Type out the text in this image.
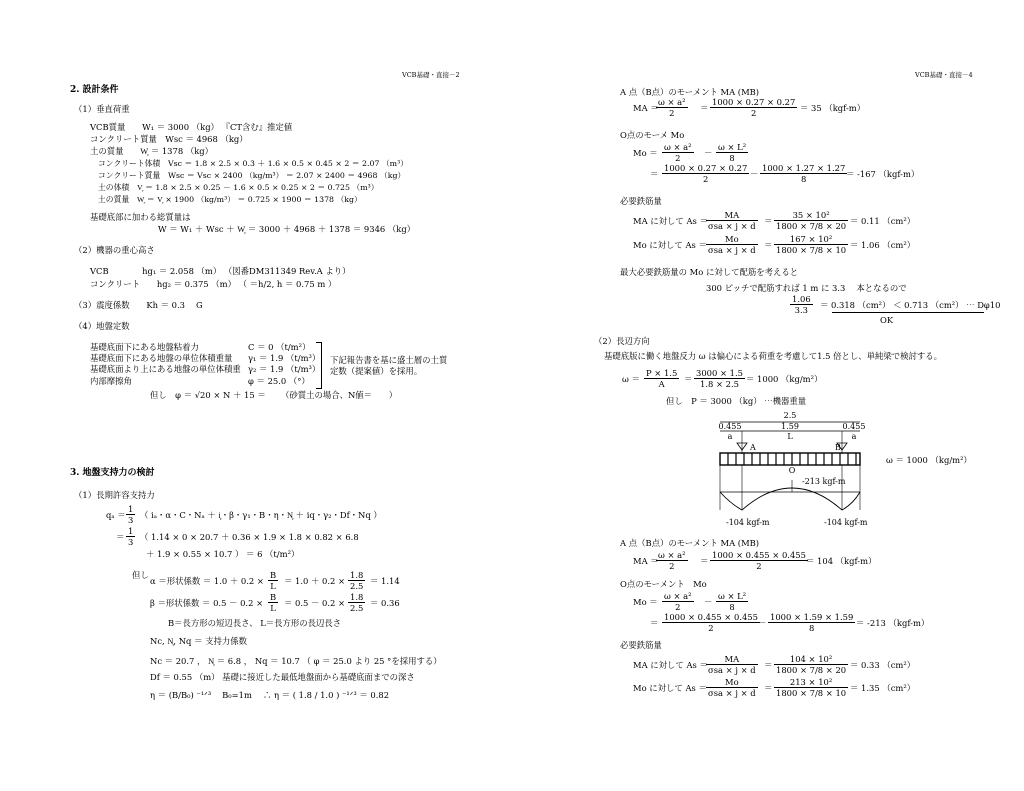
VCB基礎・直接－2
2. 設計条件
（1）垂直荷重
VCB質量　　W₁ ＝ 3000 （kg） 『CT含む』推定値
コンクリート質量　Wsc ＝ 4968 （kg）
土の質量　　W᷊ ＝ 1378 （kg）
コンクリート体積　Vsc ＝ 1.8 × 2.5 × 0.3 ＋ 1.6 × 0.5 × 0.45 × 2 ＝ 2.07 （m³）
コンクリート質量　Wsc ＝ Vsc × 2400 （kg/m³） ＝ 2.07 × 2400 ＝ 4968 （kg）
土の体積　V᷊ ＝ 1.8 × 2.5 × 0.25 － 1.6 × 0.5 × 0.25 × 2 ＝ 0.725 （m³）
土の質量　W᷊ ＝ V᷊ × 1900 （kg/m³） ＝ 0.725 × 1900 ＝ 1378 （kg）
基礎底部に加わる総質量は
W ＝ W₁ ＋ Wsc ＋ W᷊ ＝ 3000 ＋ 4968 ＋ 1378 ＝ 9346 （kg）
（2）機器の重心高さ
VCB　　　　hg₁ ＝ 2.058 （m） （図番DM311349 Rev.A より）
コンクリート　　hg₂ ＝ 0.375 （m） （ ＝h/2, h ＝ 0.75 m ）
（3）震度係数　　Kh ＝ 0.3 　G
（4）地盤定数
基礎底面下にある地盤粘着力	C ＝ 0 （t/m²）
基礎底面下にある地盤の単位体積重量 γ₁ ＝ 1.9 （t/m³）
基礎底面より上にある地盤の単位体積重 γ₂ ＝ 1.9 （t/m³）
内部摩擦角	φ ＝ 25.0 （°）
下記報告書を基に盛土層の土質
定数（提案値）を採用。
但し　φ ＝ √20 × N ＋ 15 ＝ 　　（砂質土の場合、N値＝　　）
3. 地盤支持力の検討
（1）長期許容支持力
$q_a = \frac{1}{3}$ （ iₐ・α・C・Nₐ ＋ i᷊・β・γ₁・B・η・N᷊ ＋ iq・γ₂・Df・Nq ）
＝ $\frac{1}{3}$ （ 1.14 × 0 × 20.7 ＋ 0.36 × 1.9 × 1.8 × 0.82 × 6.8
＋ 1.9 × 0.55 × 10.7 ） ＝ 6 （t/m²）
但し
α ＝形状係数 ＝ $1.0 + 0.2 \times \frac{B}{L} = 1.0 + 0.2 \times \frac{1.8}{2.5} = 1.14$
β ＝形状係数 ＝ $0.5 - 0.2 \times \frac{B}{L} = 0.5 - 0.2 \times \frac{1.8}{2.5} = 0.36$
B＝長方形の短辺長さ、 L＝長方形の長辺長さ
Nc, N᷊, Nq ＝ 支持力係数
Nc ＝ 20.7 ， N᷊ ＝ 6.8 ， Nq ＝ 10.7 （ φ ＝ 25.0 より 25 °を採用する）
Df ＝ 0.55 （m） 基礎に接近した最低地盤面から基礎底面までの深さ
η ＝ (B/B₀) ⁻¹ᐟ³ 　B₀=1m 　∴ η ＝ ( 1.8 / 1.0 ) ⁻¹ᐟ³ ＝ 0.82
VCB基礎・直接－4
A 点（B点）のモーメント MA (MB)
MA ＝
$\frac{\text{ω × a²}}{2} = \frac{1000 \times 0.27 \times 0.27}{2} = 35$ （kgf-m）
O点のモーメ Mo
$Mo = \frac{\text{ω × a²}}{2} - \frac{\text{ω × L²}}{8}$
＝ $\frac{1000 \times 0.27 \times 0.27}{2} - \frac{1000 \times 1.27 \times 1.27}{8}$
＝ -167 （kgf-m）
必要鉄筋量
MA に対して As ＝
MA
$\sigma sa \times j \times d = \frac{\text{35 × 10²}}{1800 \times 7/8 \times 20} = 0.11$ （cm²）
Mo に対して As ＝
Mo
$\sigma sa \times j \times d = \frac{\text{167 × 10²}}{1800 \times 7/8 \times 10} = 1.06$ （cm²）
最大必要鉄筋量の Mo に対して配筋を考えると
300 ピッチで配筋すれば 1 m に 3.3 　本となるので
$\frac{1.06}{3.3} = 0.318$ （cm²） ＜ 0.713 （cm²） ⋯ Dφ10
OK
（2）長辺方向
基礎底版に働く地盤反力 ω は偏心による荷重を考慮して1.5 倍とし、単純梁で検討する。
$\omega = \frac{P \times 1.5}{A} = \frac{3000 \times 1.5}{1.8 \times 2.5} = 1000$ （kg/m²）
但し　P ＝ 3000 （kg） ⋯機器重量
2.5
0.455	1.59	0.455
a	L	a
A	B
O
-213 kgf-m
-104 kgf-m	-104 kgf-m
ω ＝ 1000 （kg/m²）
A 点（B点）のモーメント MA (MB)
MA ＝
$\frac{\text{ω × a²}}{2} = \frac{1000 \times 0.455 \times 0.455}{2}$
＝ 104 （kgf-m）
O点のモーメント　Mo
$Mo = \frac{\text{ω × a²}}{2} - \frac{\text{ω × L²}}{8}$
＝ $\frac{1000 \times 0.455 \times 0.455}{2}$
－ $\frac{1000 \times 1.59 \times 1.59}{8} = -213$ （kgf-m）
必要鉄筋量
MA に対して As ＝
MA
$\sigma sa \times j \times d = \frac{\text{104 × 10²}}{1800 \times 7/8 \times 20} = 0.33$ （cm²）
Mo に対して As ＝
Mo
$\sigma sa \times j \times d = \frac{\text{213 × 10²}}{1800 \times 7/8 \times 10} = 1.35$ （cm²）
